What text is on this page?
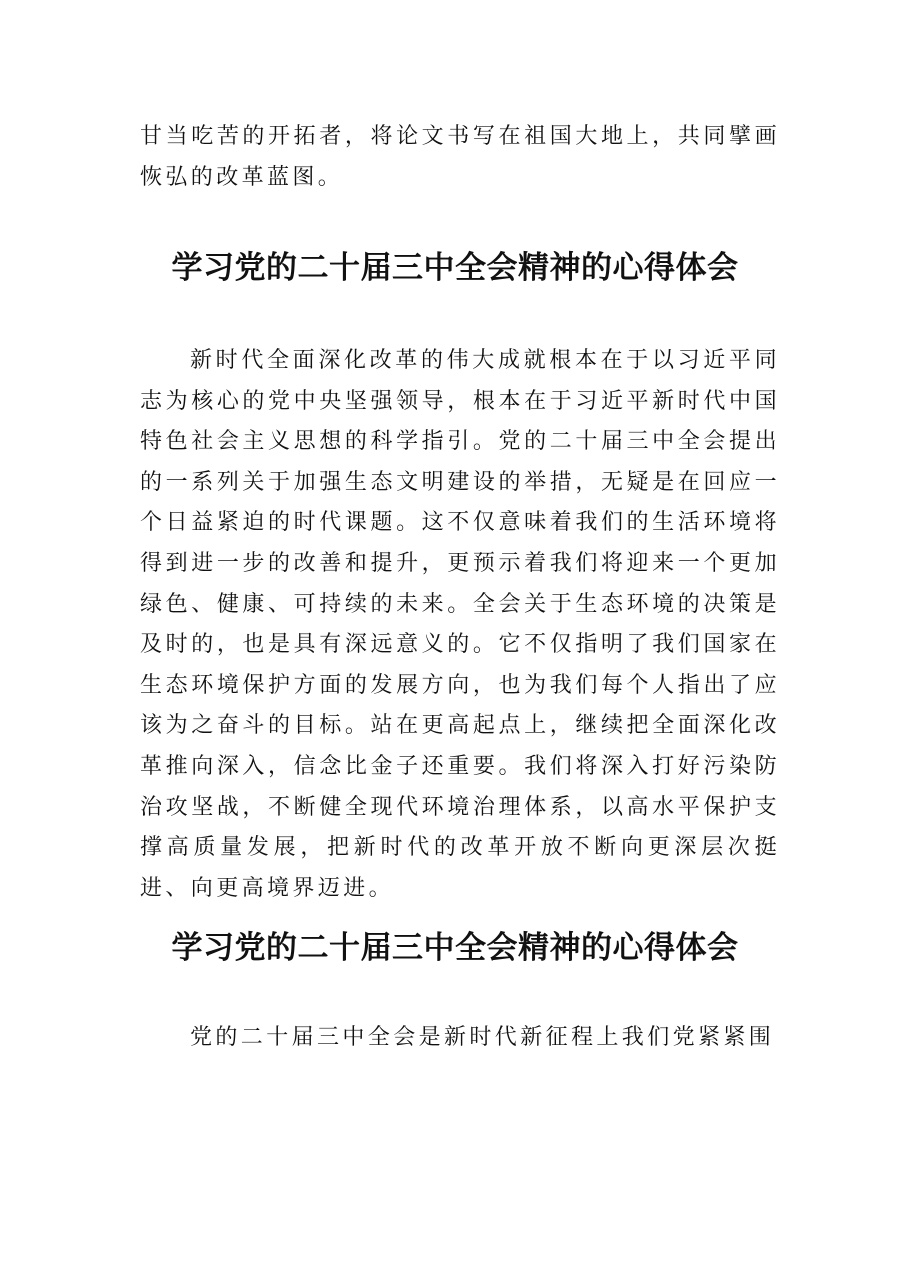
甘当吃苦的开拓者，将论文书写在祖国大地上，共同擘画恢弘的改革蓝图。

学习党的二十届三中全会精神的心得体会

新时代全面深化改革的伟大成就根本在于以习近平同志为核心的党中央坚强领导，根本在于习近平新时代中国特色社会主义思想的科学指引。党的二十届三中全会提出的一系列关于加强生态文明建设的举措，无疑是在回应一个日益紧迫的时代课题。这不仅意味着我们的生活环境将得到进一步的改善和提升，更预示着我们将迎来一个更加绿色、健康、可持续的未来。全会关于生态环境的决策是及时的，也是具有深远意义的。它不仅指明了我们国家在生态环境保护方面的发展方向，也为我们每个人指出了应该为之奋斗的目标。站在更高起点上，继续把全面深化改革推向深入，信念比金子还重要。我们将深入打好污染防治攻坚战，不断健全现代环境治理体系，以高水平保护支撑高质量发展，把新时代的改革开放不断向更深层次挺进、向更高境界迈进。

学习党的二十届三中全会精神的心得体会

党的二十届三中全会是新时代新征程上我们党紧紧围
